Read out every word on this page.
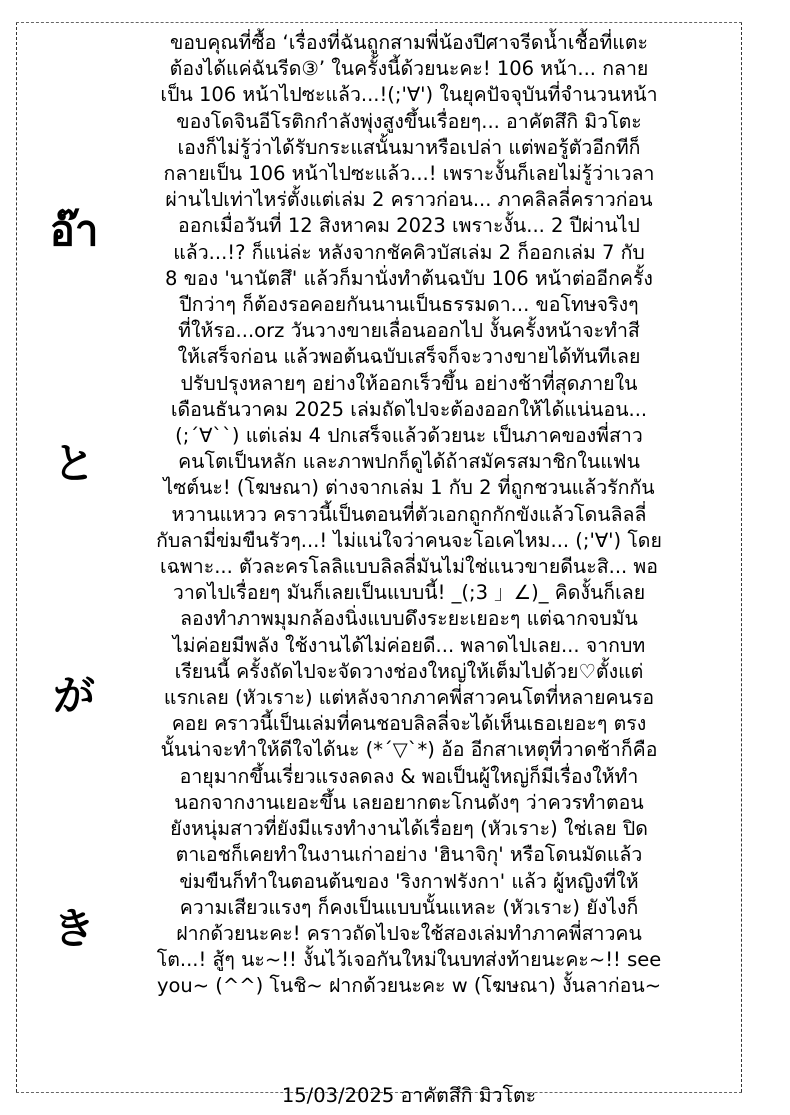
อ๊า
と
が
き
ขอบคุณที่ซื้อ ‘เรื่องที่ฉันถูกสามพี่น้องปีศาจรีดน้ำเชื้อที่แตะ
ต้องได้แค่ฉันรีด③’ ในครั้งนี้ด้วยนะคะ! 106 หน้า... กลาย
เป็น 106 หน้าไปซะแล้ว...!(;'∀') ในยุคปัจจุบันที่จำนวนหน้า
ของโดจินอีโรติกกำลังพุ่งสูงขึ้นเรื่อยๆ... อาคัตสึกิ มิวโตะ
เองก็ไม่รู้ว่าได้รับกระแสนั้นมาหรือเปล่า แต่พอรู้ตัวอีกทีก็
กลายเป็น 106 หน้าไปซะแล้ว...! เพราะงั้นก็เลยไม่รู้ว่าเวลา
ผ่านไปเท่าไหร่ตั้งแต่เล่ม 2 คราวก่อน... ภาคลิลลี่คราวก่อน
ออกเมื่อวันที่ 12 สิงหาคม 2023 เพราะงั้น... 2 ปีผ่านไป
แล้ว...!? ก็แน่ล่ะ หลังจากชัคคิวบัสเล่ม 2 ก็ออกเล่ม 7 กับ
8 ของ 'นานัตสึ' แล้วก็มานั่งทำต้นฉบับ 106 หน้าต่ออีกครั้ง
ปีกว่าๆ ก็ต้องรอคอยกันนานเป็นธรรมดา... ขอโทษจริงๆ
ที่ให้รอ...orz วันวางขายเลื่อนออกไป งั้นครั้งหน้าจะทำสี
ให้เสร็จก่อน แล้วพอต้นฉบับเสร็จก็จะวางขายได้ทันทีเลย
ปรับปรุงหลายๆ อย่างให้ออกเร็วขึ้น อย่างช้าที่สุดภายใน
เดือนธันวาคม 2025 เล่มถัดไปจะต้องออกให้ได้แน่นอน...
(;´∀``) แต่เล่ม 4 ปกเสร็จแล้วด้วยนะ เป็นภาคของพี่สาว
คนโตเป็นหลัก และภาพปกก็ดูได้ถ้าสมัครสมาชิกในแฟน
ไซต์นะ! (โฆษณา) ต่างจากเล่ม 1 กับ 2 ที่ถูกชวนแล้วรักกัน
หวานแหวว คราวนี้เป็นตอนที่ตัวเอกถูกกักขังแล้วโดนลิลลี่
กับลามี่ข่มขืนรัวๆ...! ไม่แน่ใจว่าคนจะโอเคไหม... (;'∀') โดย
เฉพาะ... ตัวละครโลลิแบบลิลลี่มันไม่ใช่แนวขายดีนะสิ... พอ
วาดไปเรื่อยๆ มันก็เลยเป็นแบบนี้! _(;3 」∠)_ คิดงั้นก็เลย
ลองทำภาพมุมกล้องนิ่งแบบดึงระยะเยอะๆ แต่ฉากจบมัน
ไม่ค่อยมีพลัง ใช้งานได้ไม่ค่อยดี... พลาดไปเลย... จากบท
เรียนนี้ ครั้งถัดไปจะจัดวางช่องใหญ่ให้เต็มไปด้วย♡ตั้งแต่
แรกเลย (หัวเราะ) แต่หลังจากภาคพี่สาวคนโตที่หลายคนรอ
คอย คราวนี้เป็นเล่มที่คนชอบลิลลี่จะได้เห็นเธอเยอะๆ ตรง
นั้นน่าจะทำให้ดีใจได้นะ (*´▽`*) อ้อ อีกสาเหตุที่วาดช้าก็คือ
อายุมากขึ้นเรี่ยวแรงลดลง & พอเป็นผู้ใหญ่ก็มีเรื่องให้ทำ
นอกจากงานเยอะขึ้น เลยอยากตะโกนดังๆ ว่าควรทำตอน
ยังหนุ่มสาวที่ยังมีแรงทำงานได้เรื่อยๆ (หัวเราะ) ใช่เลย ปิด
ตาเอชก็เคยทำในงานเก่าอย่าง 'ฮินาจิกุ' หรือโดนมัดแล้ว
ข่มขืนก็ทำในตอนต้นของ 'ริงกาฟรังกา' แล้ว ผู้หญิงที่ให้
ความเสียวแรงๆ ก็คงเป็นแบบนั้นแหละ (หัวเราะ) ยังไงก็
ฝากด้วยนะคะ! คราวถัดไปจะใช้สองเล่มทำภาคพี่สาวคน
โต...! สู้ๆ นะ~!! งั้นไว้เจอกันใหม่ในบทส่งท้ายนะคะ~!! see
you~ (^^) โนชิ~ ฝากด้วยนะคะ w (โฆษณา) งั้นลาก่อน~
15/03/2025 อาคัตสึกิ มิวโตะ
